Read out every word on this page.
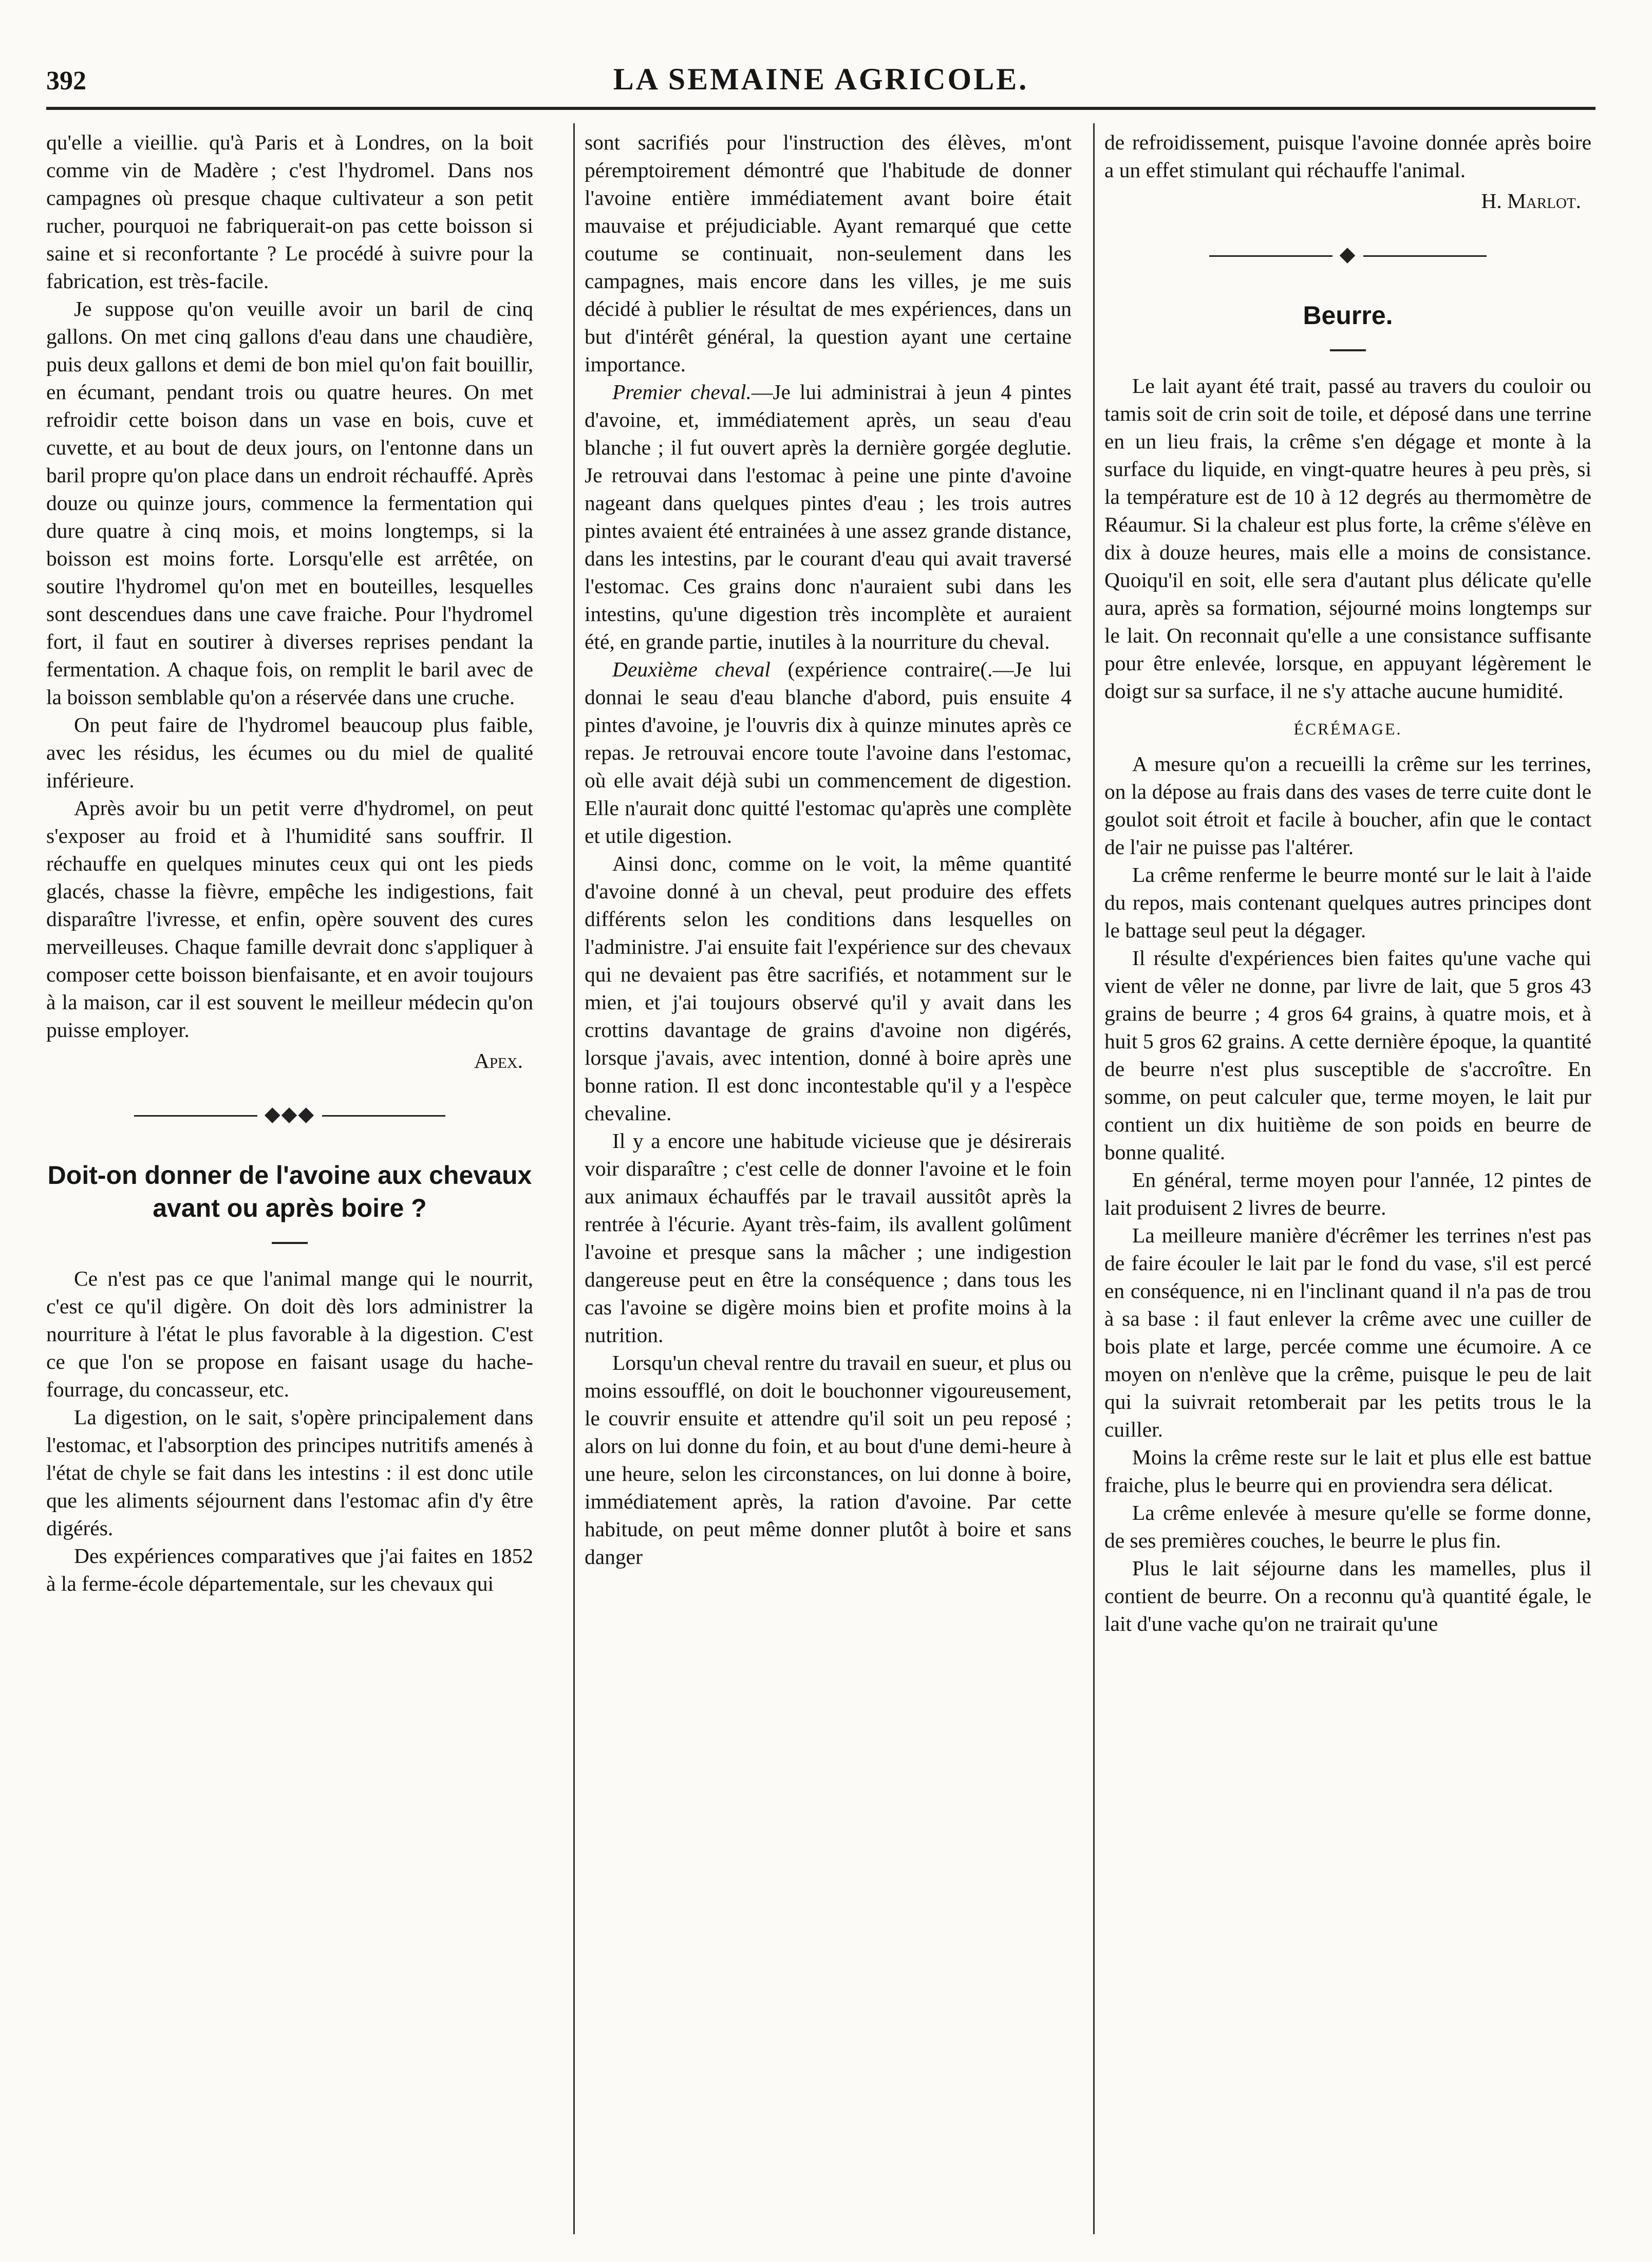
392	LA SEMAINE AGRICOLE.

qu'elle a vieillie. qu'à Paris et à Londres, on la boit comme vin de Madère ; c'est l'hydromel. Dans nos campagnes où presque chaque cultivateur a son petit rucher, pourquoi ne fabriquerait-on pas cette boisson si saine et si reconfortante ? Le procédé à suivre pour la fabrication, est très-facile.

Je suppose qu'on veuille avoir un baril de cinq gallons. On met cinq gallons d'eau dans une chaudière, puis deux gallons et demi de bon miel qu'on fait bouillir, en écumant, pendant trois ou quatre heures. On met refroidir cette boison dans un vase en bois, cuve et cuvette, et au bout de deux jours, on l'entonne dans un baril propre qu'on place dans un endroit réchauffé. Après douze ou quinze jours, commence la fermentation qui dure quatre à cinq mois, et moins longtemps, si la boisson est moins forte. Lorsqu'elle est arrêtée, on soutire l'hydromel qu'on met en bouteilles, lesquelles sont descendues dans une cave fraiche. Pour l'hydromel fort, il faut en soutirer à diverses reprises pendant la fermentation. A chaque fois, on remplit le baril avec de la boisson semblable qu'on a réservée dans une cruche.

On peut faire de l'hydromel beaucoup plus faible, avec les résidus, les écumes ou du miel de qualité inférieure.

Après avoir bu un petit verre d'hydromel, on peut s'exposer au froid et à l'humidité sans souffrir. Il réchauffe en quelques minutes ceux qui ont les pieds glacés, chasse la fièvre, empêche les indigestions, fait disparaître l'ivresse, et enfin, opère souvent des cures merveilleuses. Chaque famille devrait donc s'appliquer à composer cette boisson bienfaisante, et en avoir toujours à la maison, car il est souvent le meilleur médecin qu'on puisse employer.

Apex.

◆◆◆
Doit-on donner de l'avoine aux chevaux avant ou après boire ?

Ce n'est pas ce que l'animal mange qui le nourrit, c'est ce qu'il digère. On doit dès lors administrer la nourriture à l'état le plus favorable à la digestion. C'est ce que l'on se propose en faisant usage du hache-fourrage, du concasseur, etc.

La digestion, on le sait, s'opère principalement dans l'estomac, et l'absorption des principes nutritifs amenés à l'état de chyle se fait dans les intestins : il est donc utile que les aliments séjournent dans l'estomac afin d'y être digérés.

Des expériences comparatives que j'ai faites en 1852 à la ferme-école départementale, sur les chevaux qui

sont sacrifiés pour l'instruction des élèves, m'ont péremptoirement démontré que l'habitude de donner l'avoine entière immédiatement avant boire était mauvaise et préjudiciable. Ayant remarqué que cette coutume se continuait, non-seulement dans les campagnes, mais encore dans les villes, je me suis décidé à publier le résultat de mes expériences, dans un but d'intérêt général, la question ayant une certaine importance.

Premier cheval.—Je lui administrai à jeun 4 pintes d'avoine, et, immédiatement après, un seau d'eau blanche ; il fut ouvert après la dernière gorgée deglutie. Je retrouvai dans l'estomac à peine une pinte d'avoine nageant dans quelques pintes d'eau ; les trois autres pintes avaient été entrainées à une assez grande distance, dans les intestins, par le courant d'eau qui avait traversé l'estomac. Ces grains donc n'auraient subi dans les intestins, qu'une digestion très incomplète et auraient été, en grande partie, inutiles à la nourriture du cheval.

Deuxième cheval (expérience contraire(.—Je lui donnai le seau d'eau blanche d'abord, puis ensuite 4 pintes d'avoine, je l'ouvris dix à quinze minutes après ce repas. Je retrouvai encore toute l'avoine dans l'estomac, où elle avait déjà subi un commencement de digestion. Elle n'aurait donc quitté l'estomac qu'après une complète et utile digestion.

Ainsi donc, comme on le voit, la même quantité d'avoine donné à un cheval, peut produire des effets différents selon les conditions dans lesquelles on l'administre. J'ai ensuite fait l'expérience sur des chevaux qui ne devaient pas être sacrifiés, et notamment sur le mien, et j'ai toujours observé qu'il y avait dans les crottins davantage de grains d'avoine non digérés, lorsque j'avais, avec intention, donné à boire après une bonne ration. Il est donc incontestable qu'il y a l'espèce chevaline.

Il y a encore une habitude vicieuse que je désirerais voir disparaître ; c'est celle de donner l'avoine et le foin aux animaux échauffés par le travail aussitôt après la rentrée à l'écurie. Ayant très-faim, ils avallent golûment l'avoine et presque sans la mâcher ; une indigestion dangereuse peut en être la conséquence ; dans tous les cas l'avoine se digère moins bien et profite moins à la nutrition.

Lorsqu'un cheval rentre du travail en sueur, et plus ou moins essoufflé, on doit le bouchonner vigoureusement, le couvrir ensuite et attendre qu'il soit un peu reposé ; alors on lui donne du foin, et au bout d'une demi-heure à une heure, selon les circonstances, on lui donne à boire, immédiatement après, la ration d'avoine. Par cette habitude, on peut même donner plutôt à boire et sans danger

de refroidissement, puisque l'avoine donnée après boire a un effet stimulant qui réchauffe l'animal.

H. Marlot.

◆
Beurre.

Le lait ayant été trait, passé au travers du couloir ou tamis soit de crin soit de toile, et déposé dans une terrine en un lieu frais, la crême s'en dégage et monte à la surface du liquide, en vingt-quatre heures à peu près, si la température est de 10 à 12 degrés au thermomètre de Réaumur. Si la chaleur est plus forte, la crême s'élève en dix à douze heures, mais elle a moins de consistance. Quoiqu'il en soit, elle sera d'autant plus délicate qu'elle aura, après sa formation, séjourné moins longtemps sur le lait. On reconnait qu'elle a une consistance suffisante pour être enlevée, lorsque, en appuyant légèrement le doigt sur sa surface, il ne s'y attache aucune humidité.

ÉCRÉMAGE.

A mesure qu'on a recueilli la crême sur les terrines, on la dépose au frais dans des vases de terre cuite dont le goulot soit étroit et facile à boucher, afin que le contact de l'air ne puisse pas l'altérer.

La crême renferme le beurre monté sur le lait à l'aide du repos, mais contenant quelques autres principes dont le battage seul peut la dégager.

Il résulte d'expériences bien faites qu'une vache qui vient de vêler ne donne, par livre de lait, que 5 gros 43 grains de beurre ; 4 gros 64 grains, à quatre mois, et à huit 5 gros 62 grains. A cette dernière époque, la quantité de beurre n'est plus susceptible de s'accroître. En somme, on peut calculer que, terme moyen, le lait pur contient un dix huitième de son poids en beurre de bonne qualité.

En général, terme moyen pour l'année, 12 pintes de lait produisent 2 livres de beurre.

La meilleure manière d'écrêmer les terrines n'est pas de faire écouler le lait par le fond du vase, s'il est percé en conséquence, ni en l'inclinant quand il n'a pas de trou à sa base : il faut enlever la crême avec une cuiller de bois plate et large, percée comme une écumoire. A ce moyen on n'enlève que la crême, puisque le peu de lait qui la suivrait retomberait par les petits trous le la cuiller.

Moins la crême reste sur le lait et plus elle est battue fraiche, plus le beurre qui en proviendra sera délicat.

La crême enlevée à mesure qu'elle se forme donne, de ses premières couches, le beurre le plus fin.

Plus le lait séjourne dans les mamelles, plus il contient de beurre. On a reconnu qu'à quantité égale, le lait d'une vache qu'on ne trairait qu'une
